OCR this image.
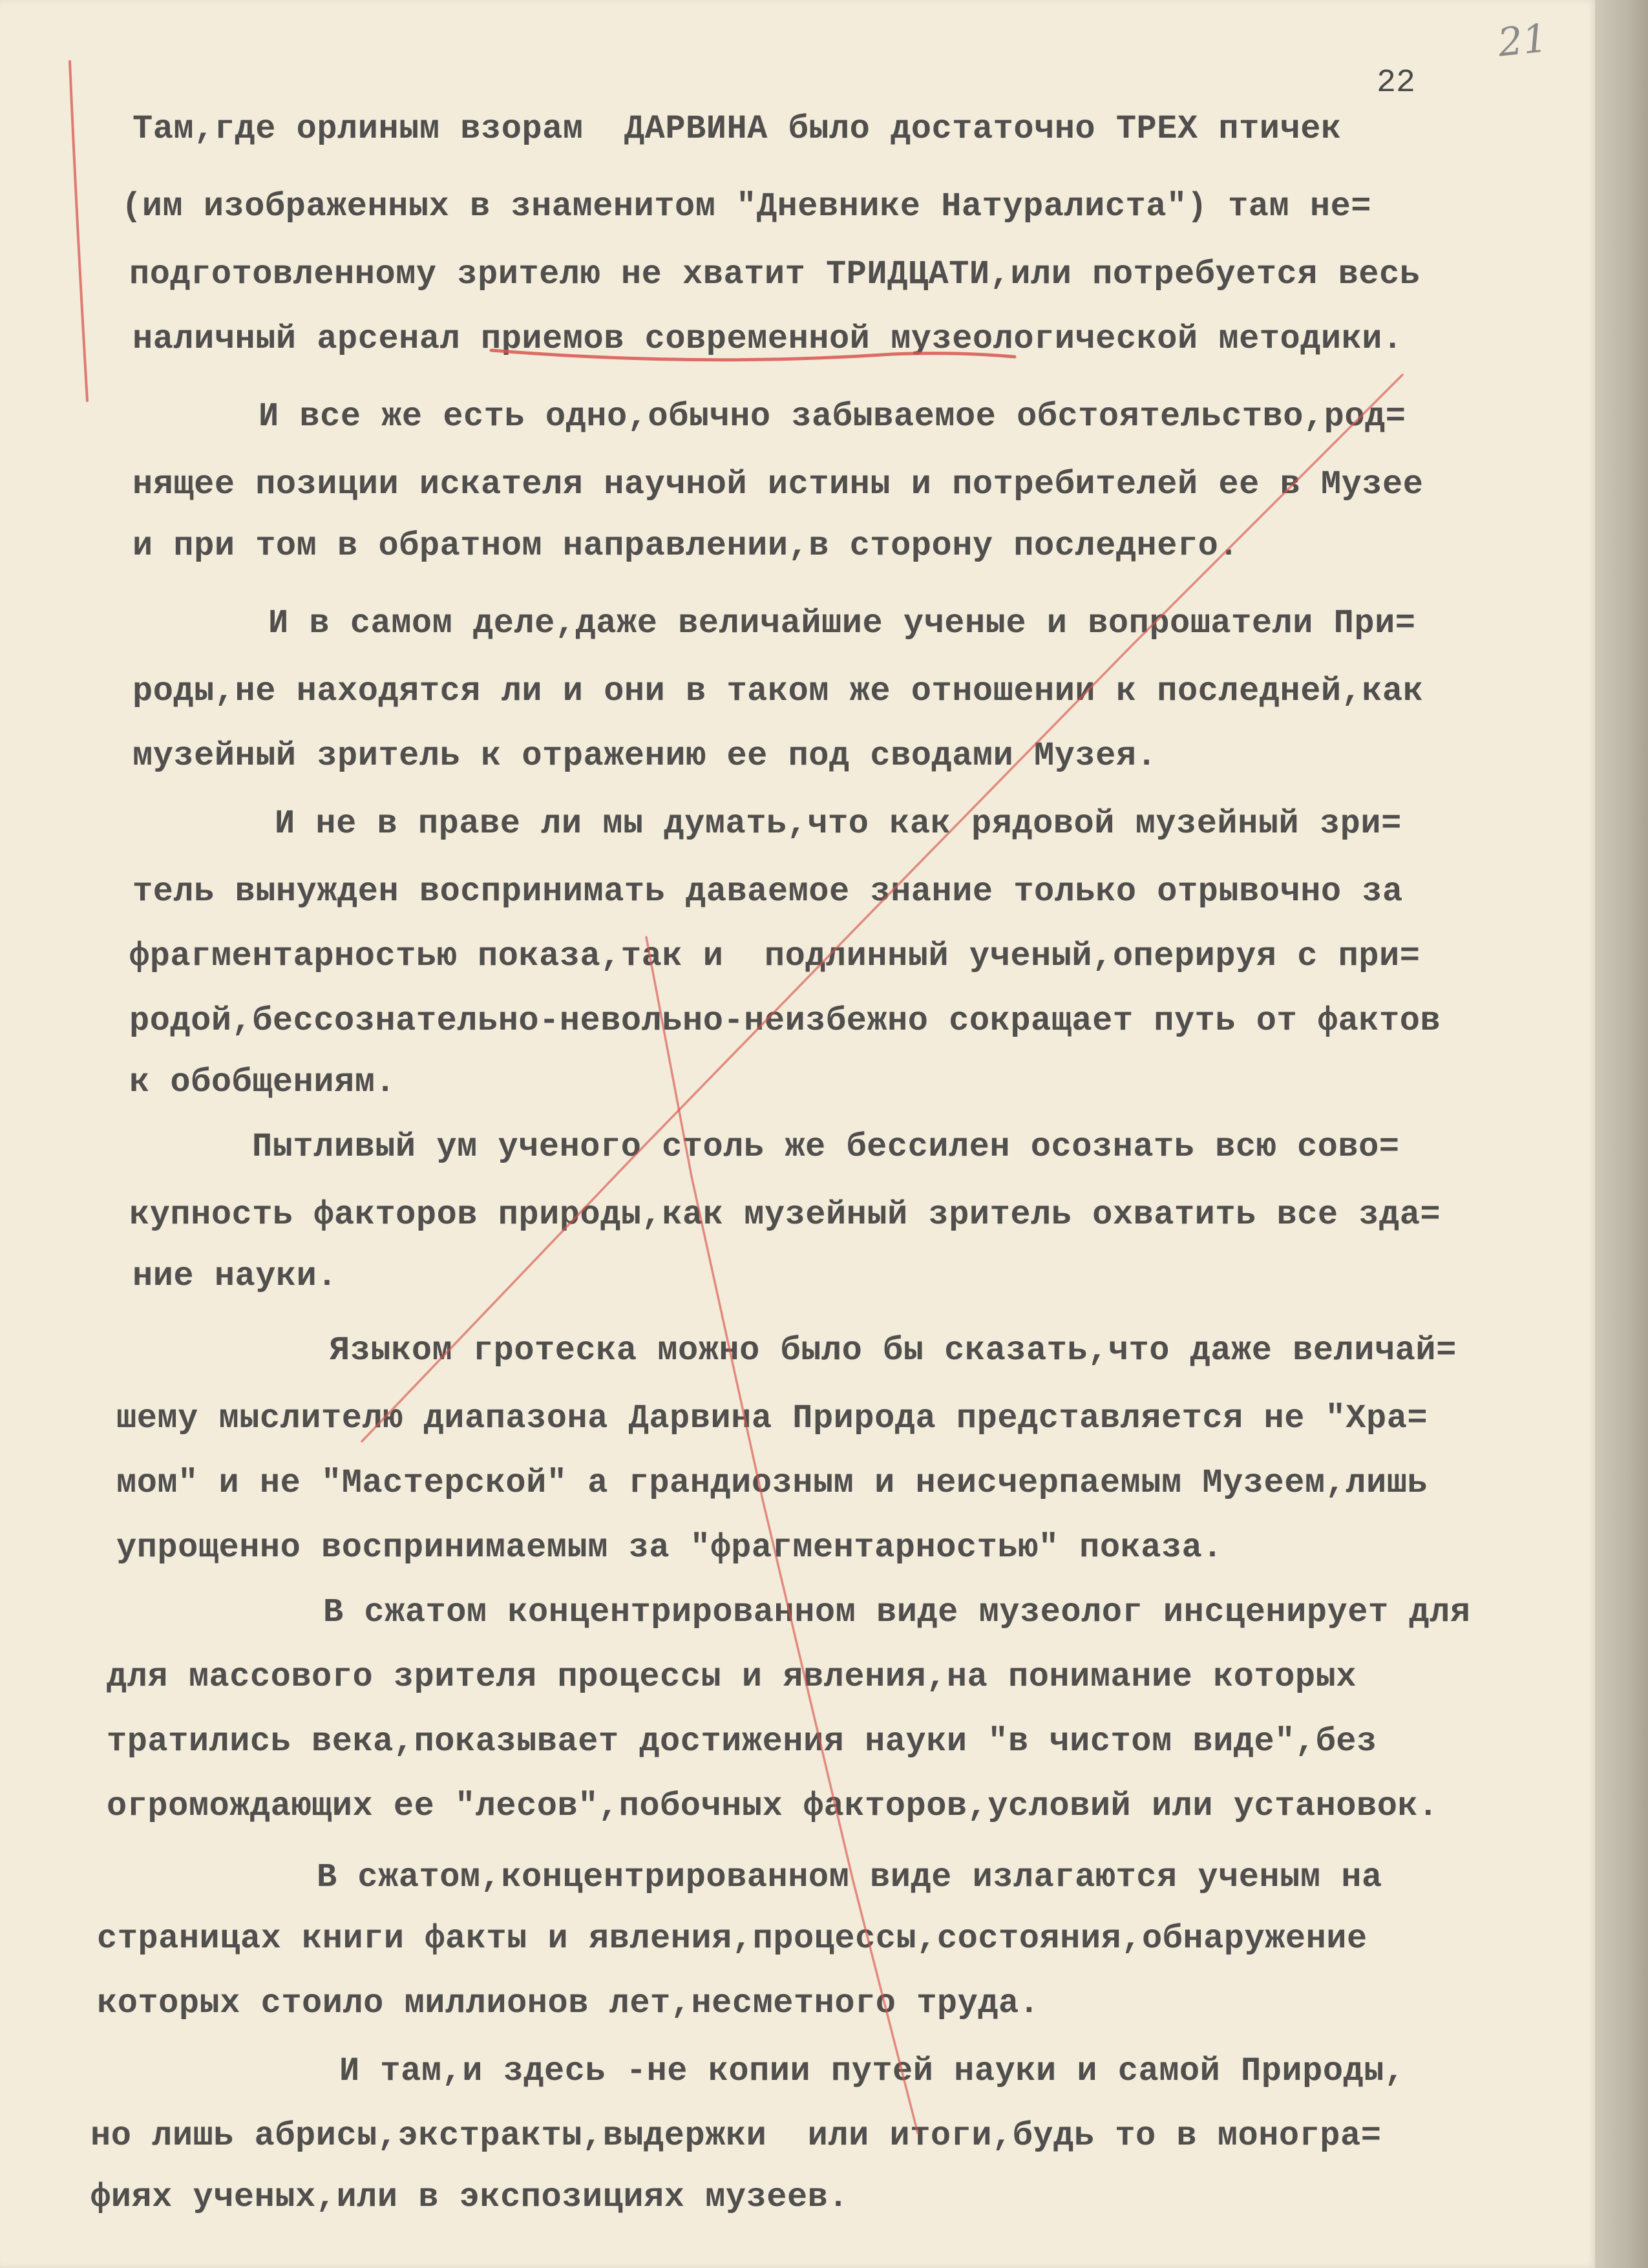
21
22
Там,где орлиным взорам  ДАРВИНА было достаточно ТРЕХ птичек
(им изображенных в знаменитом "Дневнике Натуралиста") там не=
подготовленному зрителю не хватит ТРИДЦАТИ,или потребуется весь
наличный арсенал приемов современной музеологической методики.
И все же есть одно,обычно забываемое обстоятельство,род=
нящее позиции искателя научной истины и потребителей ее в Музее
и при том в обратном направлении,в сторону последнего.
И в самом деле,даже величайшие ученые и вопрошатели При=
роды,не находятся ли и они в таком же отношении к последней,как
музейный зритель к отражению ее под сводами Музея.
И не в праве ли мы думать,что как рядовой музейный зри=
тель вынужден воспринимать даваемое знание только отрывочно за
фрагментарностью показа,так и  подлинный ученый,оперируя с при=
родой,бессознательно-невольно-неизбежно сокращает путь от фактов
к обобщениям.
Пытливый ум ученого столь же бессилен осознать всю сово=
купность факторов природы,как музейный зритель охватить все зда=
ние науки.
Языком гротеска можно было бы сказать,что даже величай=
шему мыслителю диапазона Дарвина Природа представляется не "Хра=
мом" и не "Мастерской" а грандиозным и неисчерпаемым Музеем,лишь
упрощенно воспринимаемым за "фрагментарностью" показа.
В сжатом концентрированном виде музеолог инсценирует для
для массового зрителя процессы и явления,на понимание которых
тратились века,показывает достижения науки "в чистом виде",без
огромождающих ее "лесов",побочных факторов,условий или установок.
В сжатом,концентрированном виде излагаются ученым на
страницах книги факты и явления,процессы,состояния,обнаружение
которых стоило миллионов лет,несметного труда.
И там,и здесь -не копии путей науки и самой Природы,
но лишь абрисы,экстракты,выдержки  или итоги,будь то в моногра=
фиях ученых,или в экспозициях музеев.
